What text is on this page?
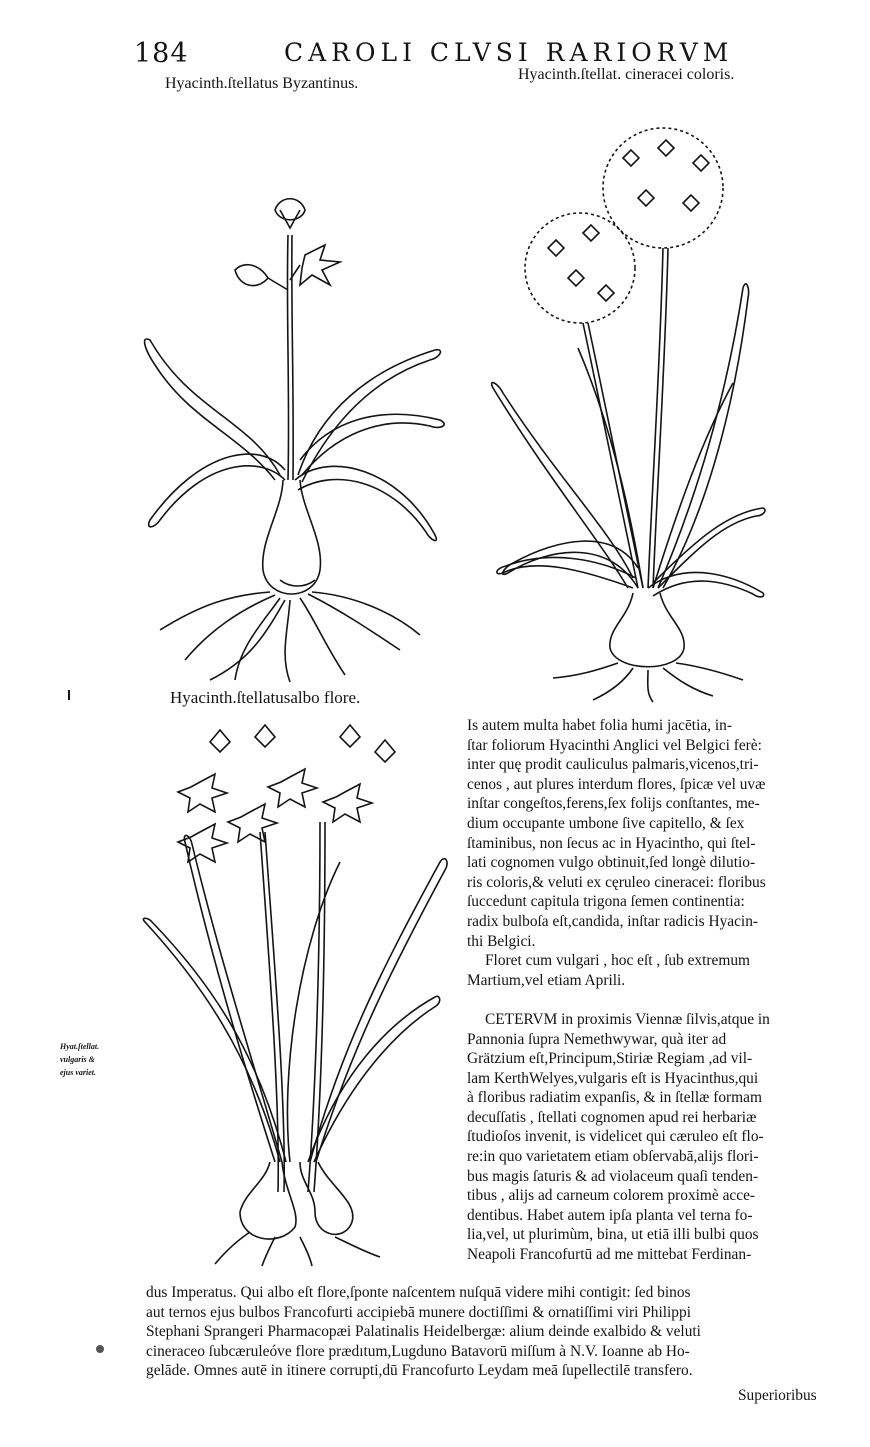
184	CAROLI CLVSI RARIORVM
Hyacinth.ſtellatus Byzantinus.
Hyacinth.ſtellat. cineracei coloris.
Hyacinth.ſtellatusalbo flore.
Hyat.ſtellat.
vulgaris &
ejus variet.
Is autem multa habet folia humi jacētia, in-
ſtar foliorum Hyacinthi Anglici vel Belgici ferè:
inter quę prodit cauliculus palmaris,vicenos,tri-
cenos , aut plures interdum flores, ſpicæ vel uvæ
inſtar congeſtos,ferens,ſex folijs conſtantes, me-
dium occupante umbone ſive capitello, & ſex
ſtaminibus, non ſecus ac in Hyacintho, qui ſtel-
lati cognomen vulgo obtinuit,ſed longè dilutio-
ris coloris,& veluti ex cęruleo cineracei: floribus
ſuccedunt capitula trigona ſemen continentia:
radix bulboſa eſt,candida, inſtar radicis Hyacin-
thi Belgici.
Floret cum vulgari , hoc eſt , ſub extremum
Martium,vel etiam Aprili.
CETERVM in proximis Viennæ ſilvis,atque in
Pannonia ſupra Nemethwywar, quà iter ad
Grätzium eſt,Principum,Stiriæ Regiam ,ad vil-
lam KerthWelyes,vulgaris eſt is Hyacinthus,qui
à floribus radiatim expanſis, & in ſtellæ formam
decuſſatis , ſtellati cognomen apud rei herbariæ
ſtudioſos invenit, is videlicet qui cæruleo eſt flo-
re:in quo varietatem etiam obſervabā,alijs flori-
bus magis ſaturis & ad violaceum quaſi tenden-
tibus , alijs ad carneum colorem proximè acce-
dentibus. Habet autem ipſa planta vel terna fo-
lia,vel, ut plurimùm, bina, ut etiā illi bulbi quos
Neapoli Francofurtū ad me mittebat Ferdinan-
dus Imperatus. Qui albo eſt flore,ſponte naſcentem nuſquā videre mihi contigit: ſed binos
aut ternos ejus bulbos Francofurti accipiebā munere doctiſſimi & ornatiſſimi viri Philippi
Stephani Sprangeri Pharmacopæi Palatinalis Heidelbergæ: alium deinde exalbido & veluti
cineraceo ſubcæruleóve flore prædıtum,Lugduno Batavorū miſſum à N.V. Ioanne ab Ho-
gelāde. Omnes autē in itinere corrupti,dū Francofurto Leydam meā ſupellectilē transfero.
Superioribus
